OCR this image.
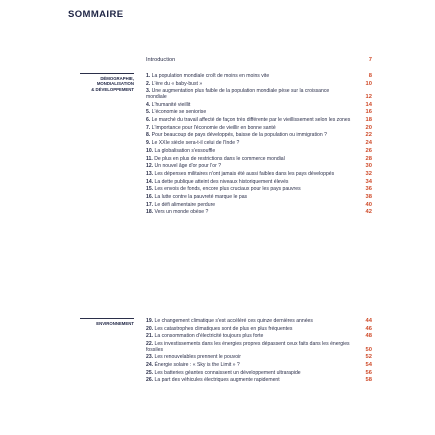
SOMMAIRE
Introduction	7
DÉMOGRAPHIE,
MONDIALISATION
& DÉVELOPPEMENT
1. La population mondiale croît de moins en moins vite	8
2. L'ère du « baby-bust »	10
3. Une augmentation plus faible de la population mondiale pèse sur la croissance mondiale	12
4. L'humanité vieillit	14
5. L'économie se seniorise	16
6. Le marché du travail affecté de façon très différente par le vieillissement selon les zones	18
7. L'importance pour l'économie de vieillir en bonne santé	20
8. Pour beaucoup de pays développés, baisse de la population ou immigration ?	22
9. Le XXIe siècle sera-t-il celui de l'Inde ?	24
10. La globalisation s'essouffle	26
11. De plus en plus de restrictions dans le commerce mondial	28
12. Un nouvel âge d'or pour l'or ?	30
13. Les dépenses militaires n'ont jamais été aussi faibles dans les pays développés	32
14. La dette publique atteint des niveaux historiquement élevés	34
15. Les envois de fonds, encore plus cruciaux pour les pays pauvres	36
16. La lutte contre la pauvreté marque le pas	38
17. Le défi alimentaire perdure	40
18. Vers un monde obèse ?	42
ENVIRONNEMENT 19. Le changement climatique s'est accéléré ces quinze dernières années	44
20. Les catastrophes climatiques sont de plus en plus fréquentes	46
21. La consommation d'électricité toujours plus forte	48
22. Les investissements dans les énergies propres dépassent ceux faits dans les énergies fossiles	50
23. Les renouvelables prennent le pouvoir	52
24. Énergie solaire : « Sky is the Limit » ?	54
25. Les batteries géantes connaissent un développement ultrarapide	56
26. La part des véhicules électriques augmente rapidement	58
